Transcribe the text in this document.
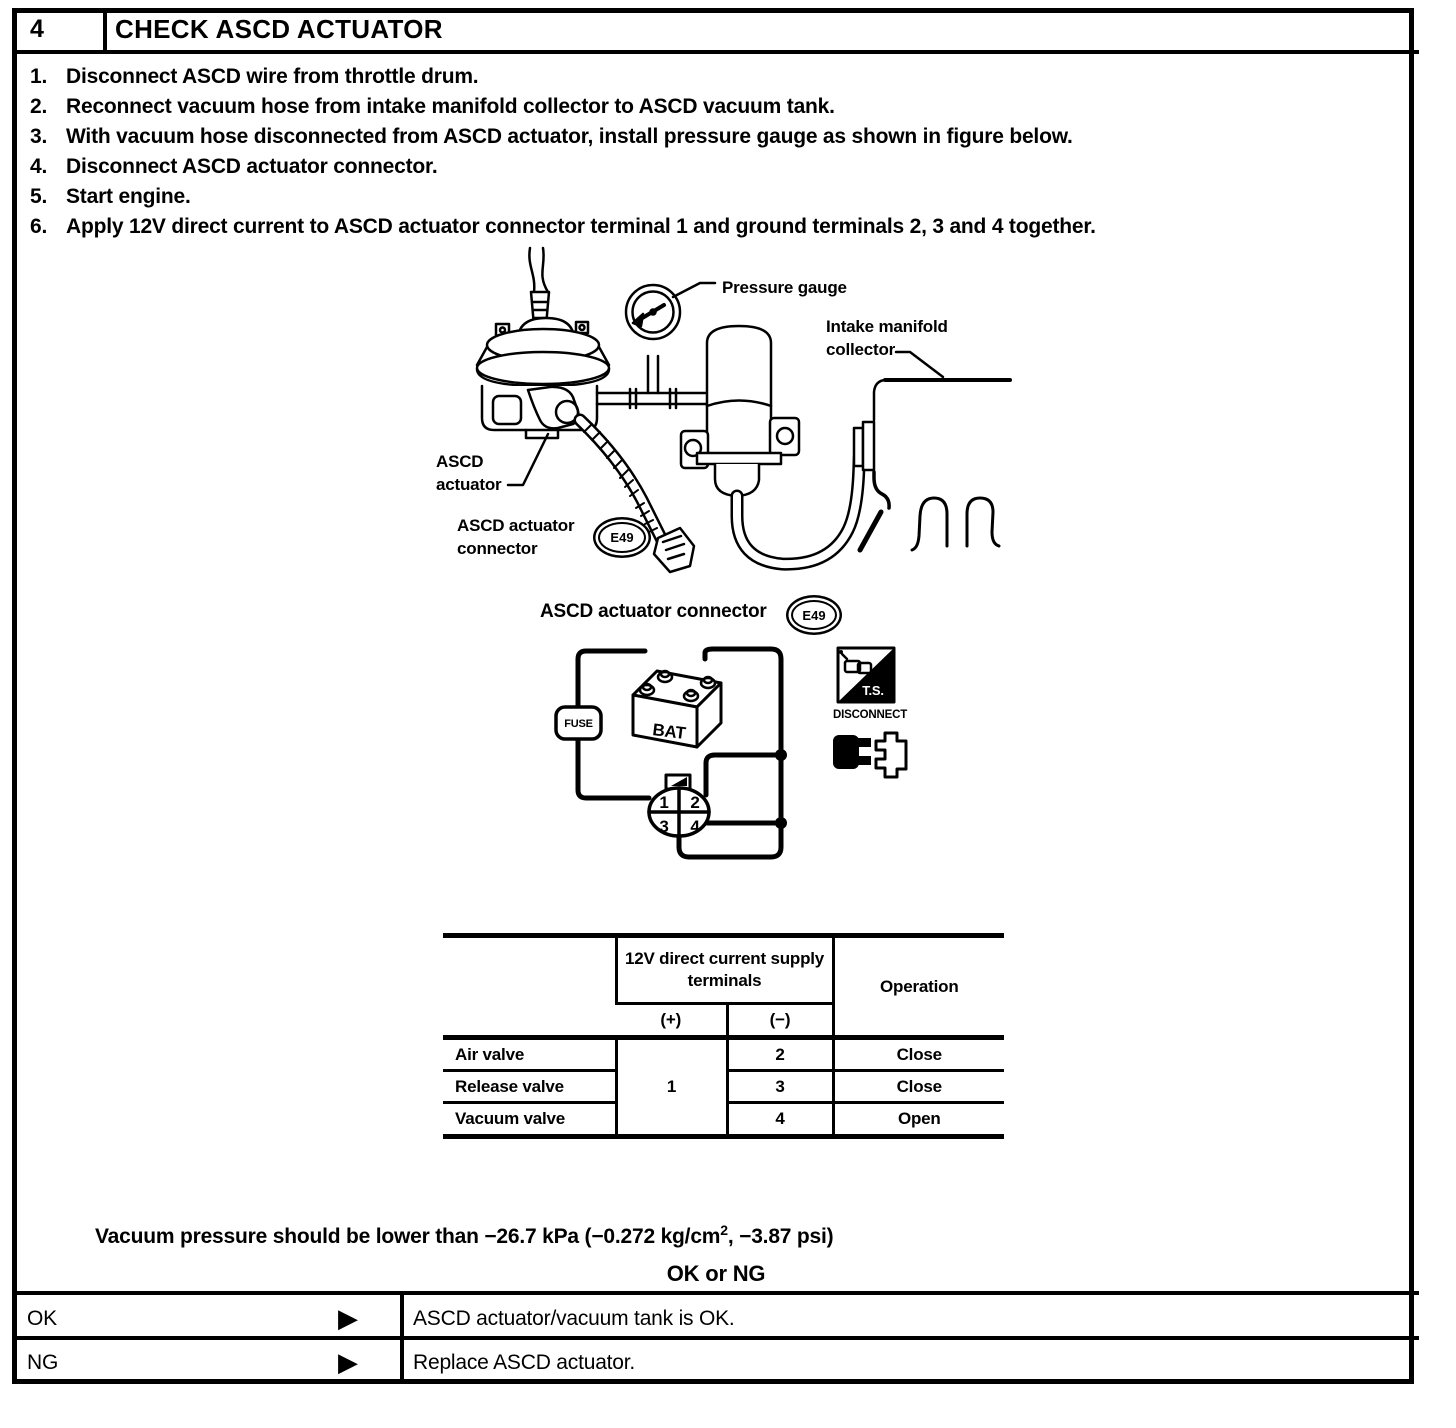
4	CHECK ASCD ACTUATOR
1. Disconnect ASCD wire from throttle drum.
2. Reconnect vacuum hose from intake manifold collector to ASCD vacuum tank.
3. With vacuum hose disconnected from ASCD actuator, install pressure gauge as shown in figure below.
4. Disconnect ASCD actuator connector.
5. Start engine.
6. Apply 12V direct current to ASCD actuator connector terminal 1 and ground terminals 2, 3 and 4 together.
Pressure gauge
Intake manifold
collector
ASCD
actuator
ASCD actuator
connector
E49
ASCD actuator connector	E49
FUSE	BAT
1 2
3 4
T.S.
DISCONNECT
	12V direct current supply terminals		Operation
	(+)	(−)	
Air valve	1	2	Close
Release valve		3	Close
Vacuum valve		4	Open
Vacuum pressure should be lower than −26.7 kPa (−0.272 $kg/cm^2$, −3.87 psi)
OK or NG
OK	▶	ASCD actuator/vacuum tank is OK.
NG	▶	Replace ASCD actuator.
